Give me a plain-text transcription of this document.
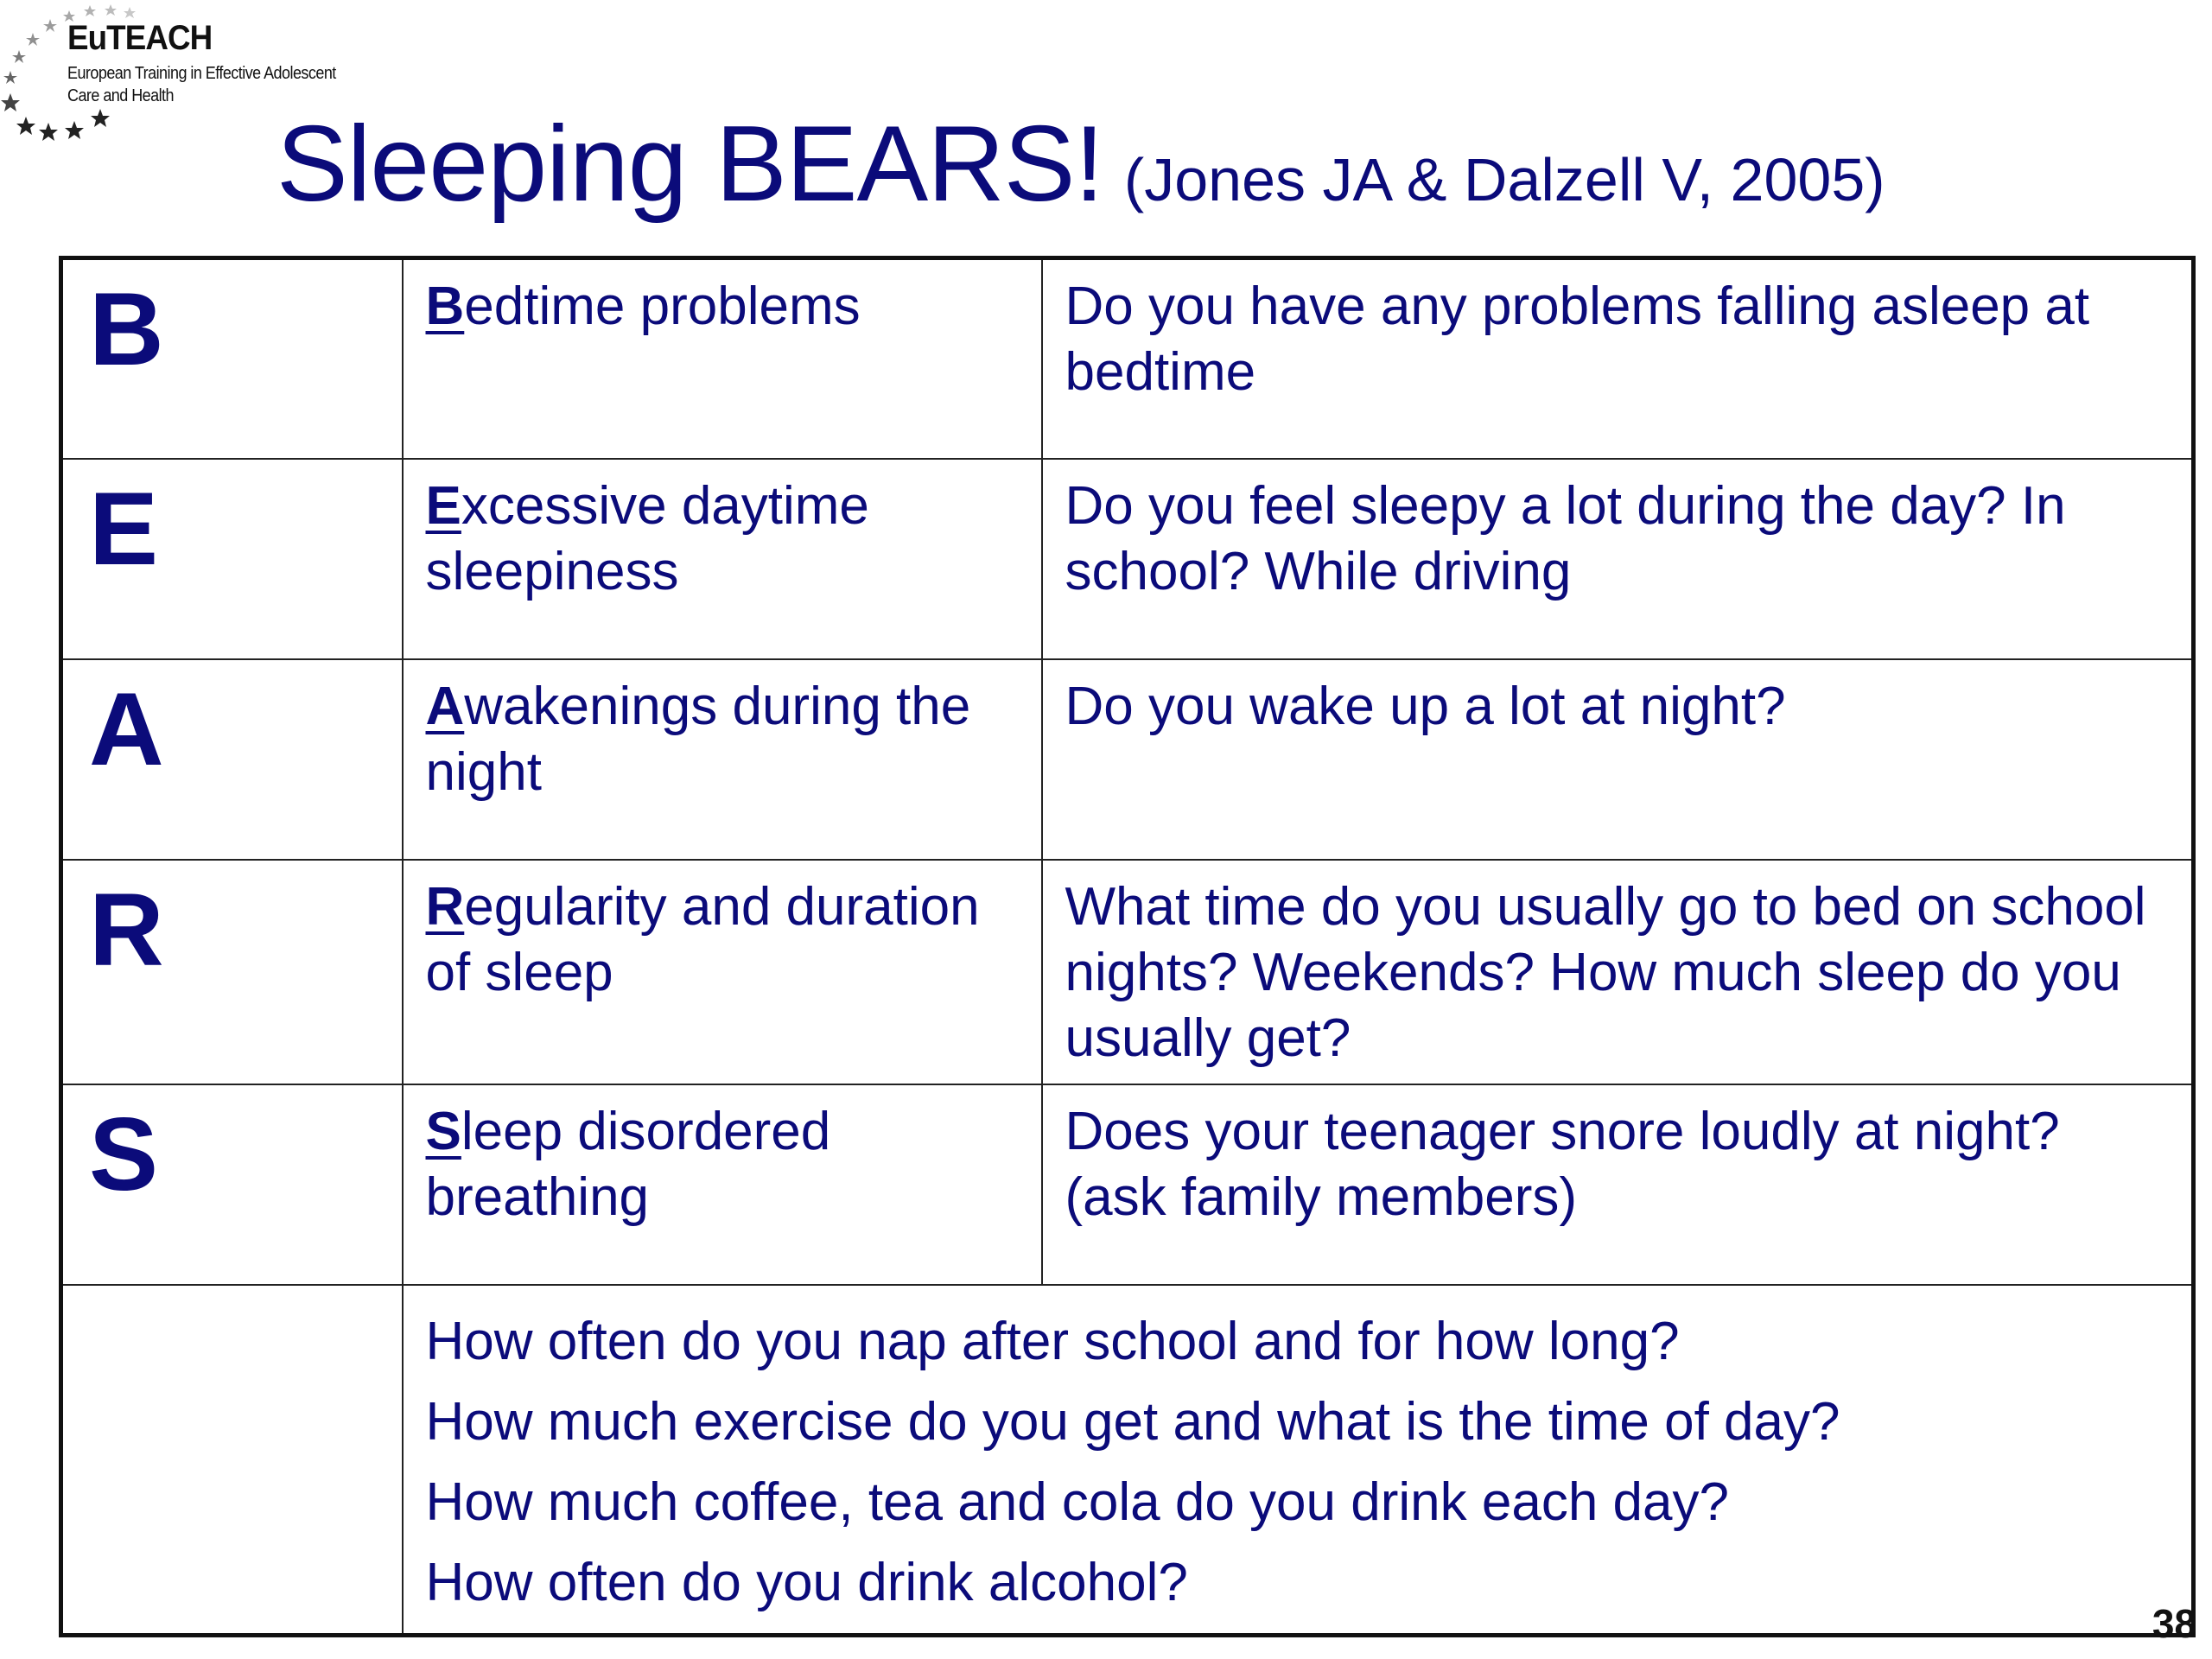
EuTEACH
European Training in Effective Adolescent
Care and Health
Sleeping BEARS! (Jones JA & Dalzell V, 2005)
B	Bedtime problems	Do you have any problems falling asleep at bedtime
E	Excessive daytime sleepiness	Do you feel sleepy a lot during the day? In school? While driving
A	Awakenings during the night	Do you wake up a lot at night?
R	Regularity and duration of sleep	What time do you usually go to bed on school nights? Weekends? How much sleep do you usually get?
S	Sleep disordered breathing	Does your teenager snore loudly at night? (ask family members)

	How often do you nap after school and for how long?
How much exercise do you get and what is the time of day?
How much coffee, tea and cola do you drink each day?
How often do you drink alcohol?	
38
